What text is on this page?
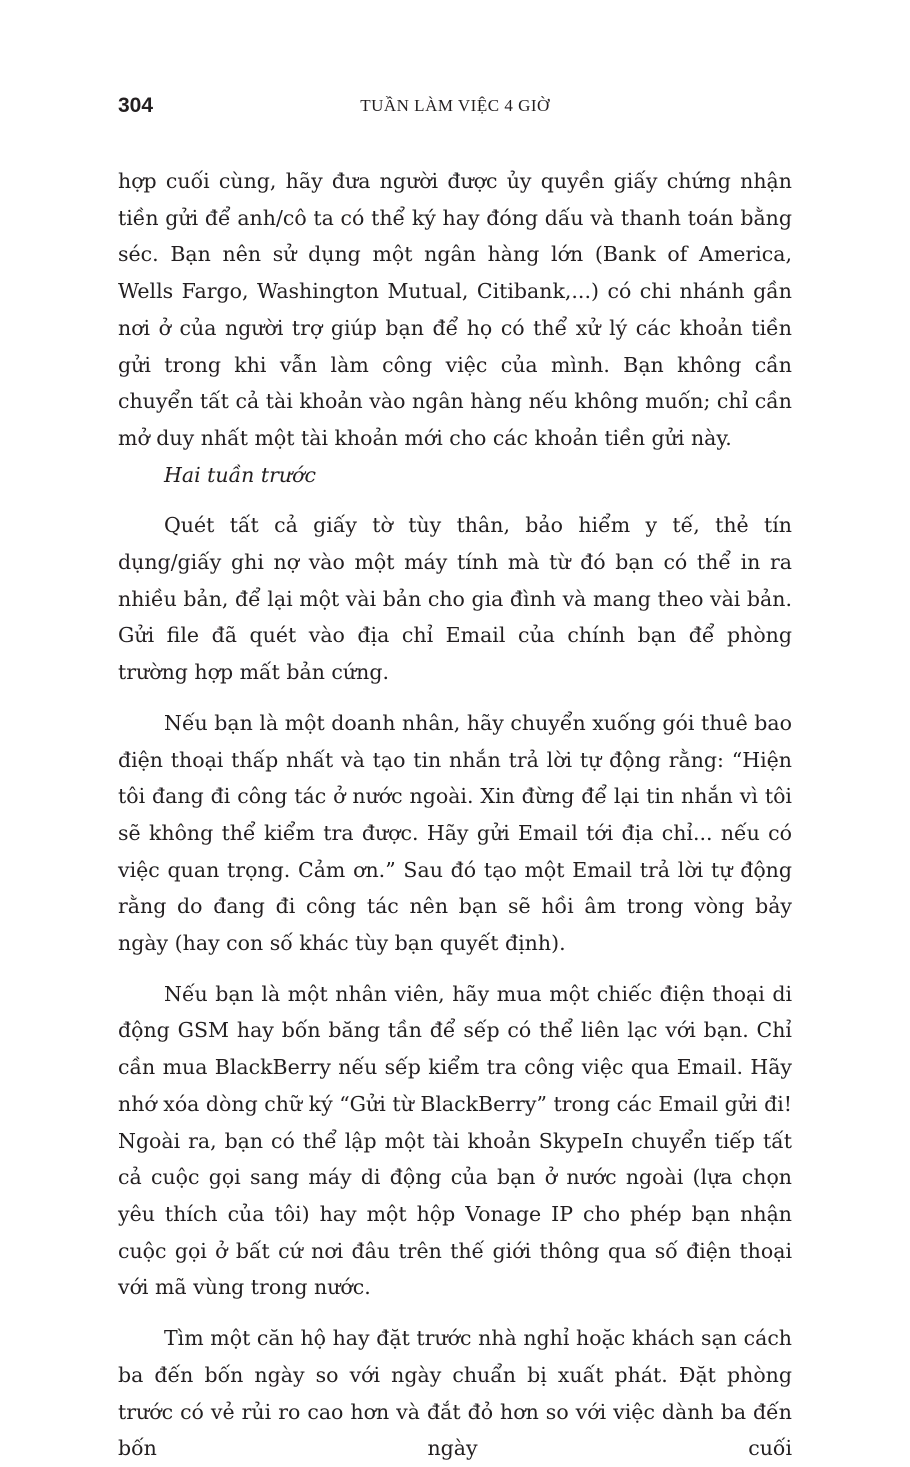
304	TUẦN LÀM VIỆC 4 GIỜ

hợp cuối cùng, hãy đưa người được ủy quyền giấy chứng nhận tiền gửi để anh/cô ta có thể ký hay đóng dấu và thanh toán bằng séc. Bạn nên sử dụng một ngân hàng lớn (Bank of America, Wells Fargo, Washington Mutual, Citibank,...) có chi nhánh gần nơi ở của người trợ giúp bạn để họ có thể xử lý các khoản tiền gửi trong khi vẫn làm công việc của mình. Bạn không cần chuyển tất cả tài khoản vào ngân hàng nếu không muốn; chỉ cần mở duy nhất một tài khoản mới cho các khoản tiền gửi này.

Hai tuần trước

Quét tất cả giấy tờ tùy thân, bảo hiểm y tế, thẻ tín dụng/giấy ghi nợ vào một máy tính mà từ đó bạn có thể in ra nhiều bản, để lại một vài bản cho gia đình và mang theo vài bản. Gửi file đã quét vào địa chỉ Email của chính bạn để phòng trường hợp mất bản cứng.

Nếu bạn là một doanh nhân, hãy chuyển xuống gói thuê bao điện thoại thấp nhất và tạo tin nhắn trả lời tự động rằng: “Hiện tôi đang đi công tác ở nước ngoài. Xin đừng để lại tin nhắn vì tôi sẽ không thể kiểm tra được. Hãy gửi Email tới địa chỉ... nếu có việc quan trọng. Cảm ơn.” Sau đó tạo một Email trả lời tự động rằng do đang đi công tác nên bạn sẽ hồi âm trong vòng bảy ngày (hay con số khác tùy bạn quyết định).

Nếu bạn là một nhân viên, hãy mua một chiếc điện thoại di động GSM hay bốn băng tần để sếp có thể liên lạc với bạn. Chỉ cần mua BlackBerry nếu sếp kiểm tra công việc qua Email. Hãy nhớ xóa dòng chữ ký “Gửi từ BlackBerry” trong các Email gửi đi! Ngoài ra, bạn có thể lập một tài khoản SkypeIn chuyển tiếp tất cả cuộc gọi sang máy di động của bạn ở nước ngoài (lựa chọn yêu thích của tôi) hay một hộp Vonage IP cho phép bạn nhận cuộc gọi ở bất cứ nơi đâu trên thế giới thông qua số điện thoại với mã vùng trong nước.

Tìm một căn hộ hay đặt trước nhà nghỉ hoặc khách sạn cách ba đến bốn ngày so với ngày chuẩn bị xuất phát. Đặt phòng trước có vẻ rủi ro cao hơn và đắt đỏ hơn so với việc dành ba đến bốn ngày cuối
